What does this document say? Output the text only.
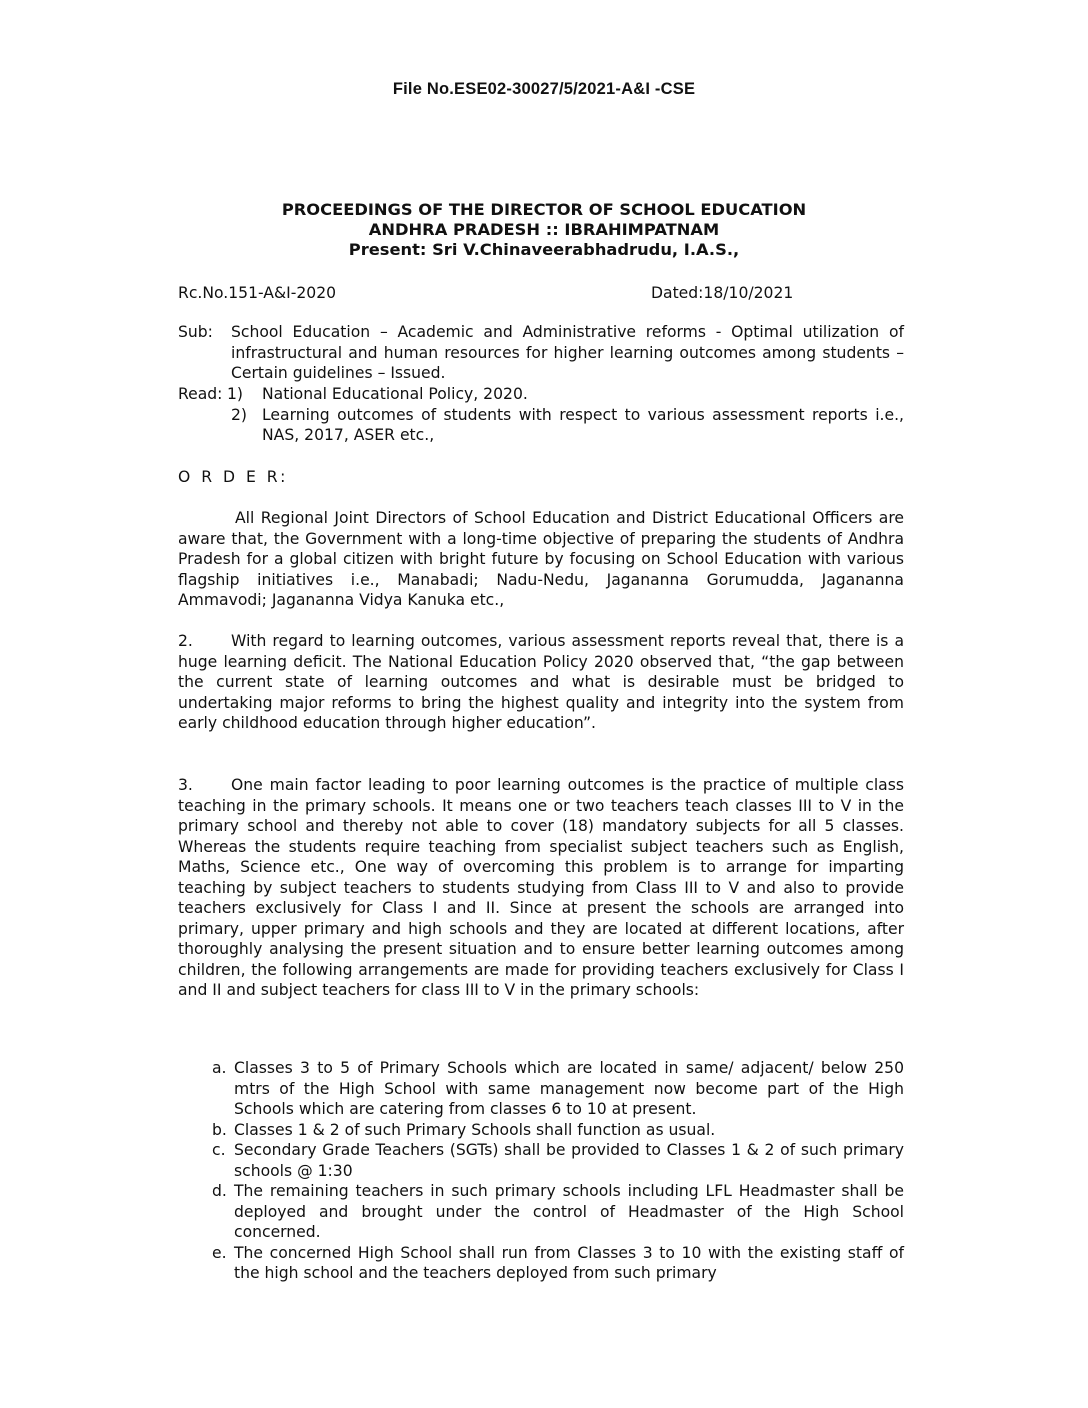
File No.ESE02-30027/5/2021-A&I -CSE
PROCEEDINGS OF THE DIRECTOR OF SCHOOL EDUCATION
ANDHRA PRADESH :: IBRAHIMPATNAM
Present: Sri V.Chinaveerabhadrudu, I.A.S.,
Rc.No.151-A&I-2020	Dated:18/10/2021
Sub:	School Education – Academic and Administrative reforms - Optimal utilization of infrastructural and human resources for higher learning outcomes among students – Certain guidelines – Issued.
Read: 1)	National Educational Policy, 2020.
2) Learning outcomes of students with respect to various assessment reports i.e., NAS, 2017, ASER etc.,
O R D E R:
All Regional Joint Directors of School Education and District Educational Officers are aware that, the Government with a long-time objective of preparing the students of Andhra Pradesh for a global citizen with bright future by focusing on School Education with various flagship initiatives i.e., Manabadi; Nadu-Nedu, Jagananna Gorumudda, Jagananna Ammavodi; Jagananna Vidya Kanuka etc.,
2. With regard to learning outcomes, various assessment reports reveal that, there is a huge learning deficit. The National Education Policy 2020 observed that, “the gap between the current state of learning outcomes and what is desirable must be bridged to undertaking major reforms to bring the highest quality and integrity into the system from early childhood education through higher education”.
3. One main factor leading to poor learning outcomes is the practice of multiple class teaching in the primary schools. It means one or two teachers teach classes III to V in the primary school and thereby not able to cover (18) mandatory subjects for all 5 classes. Whereas the students require teaching from specialist subject teachers such as English, Maths, Science etc., One way of overcoming this problem is to arrange for imparting teaching by subject teachers to students studying from Class III to V and also to provide teachers exclusively for Class I and II. Since at present the schools are arranged into primary, upper primary and high schools and they are located at different locations, after thoroughly analysing the present situation and to ensure better learning outcomes among children, the following arrangements are made for providing teachers exclusively for Class I and II and subject teachers for class III to V in the primary schools:
a. Classes 3 to 5 of Primary Schools which are located in same/ adjacent/ below 250 mtrs of the High School with same management now become part of the High Schools which are catering from classes 6 to 10 at present.
b. Classes 1 & 2 of such Primary Schools shall function as usual.
c. Secondary Grade Teachers (SGTs) shall be provided to Classes 1 & 2 of such primary schools @ 1:30
d. The remaining teachers in such primary schools including LFL Headmaster shall be deployed and brought under the control of Headmaster of the High School concerned.
e. The concerned High School shall run from Classes 3 to 10 with the existing staff of the high school and the teachers deployed from such primary
